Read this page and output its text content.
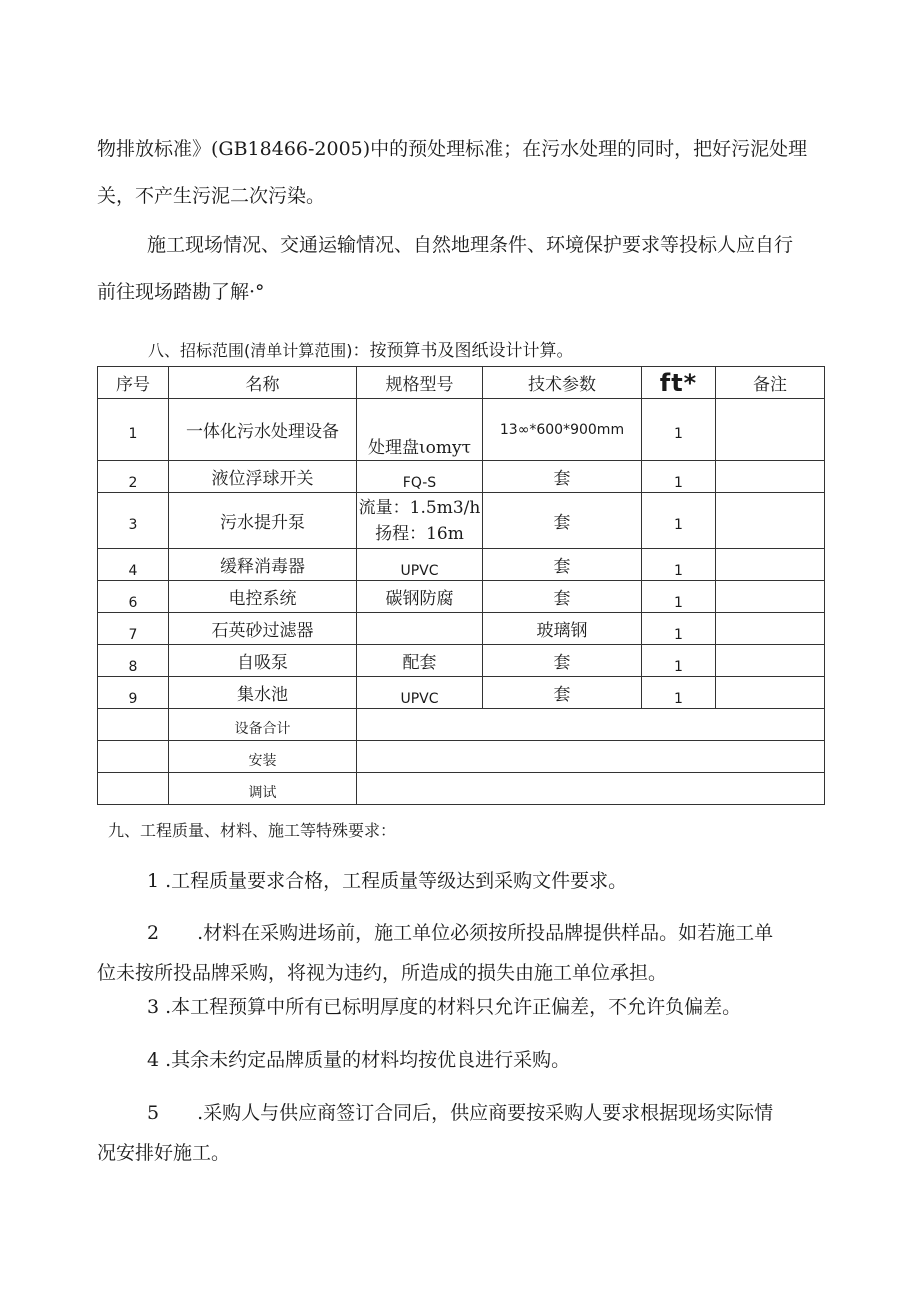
物排放标准》(GB18466-2005)中的预处理标准；在污水处理的同时，把好污泥处理
关，不产生污泥二次污染。
施工现场情况、交通运输情况、自然地理条件、环境保护要求等投标人应自行
前往现场踏勘了解·°
八、招标范围(清单计算范围)：按预算书及图纸设计计算。
序号	名称	规格型号	技术参数	ft*	备注
1	一体化污水处理设备	处理盘ιomyτ	13∞*600*900mm	1	
$_2$	液位浮球开关	$_{FQ-S}$	套	$_1$	
3	污水提升泵	流量：1.5m3∕h
扬程：16m	套	1	
$_4$	缓释消毒器	$_{UPVC}$	套	$_1$	
$_6$	电控系统	碳钢防腐	套	$_1$	
$_7$	石英砂过滤器		玻璃钢	$_1$	
$_8$	自吸泵	配套	套	$_1$	
$_9$	集水池	$_{UPVC}$	套	$_1$	
	设备合计				
	安装				
	调试				
九、工程质量、材料、施工等特殊要求：

1 .工程质量要求合格，工程质量等级达到采购文件要求。

2 .材料在采购进场前，施工单位必须按所投品牌提供样品。如若施工单
位未按所投品牌采购，将视为违约，所造成的损失由施工单位承担。

3 .本工程预算中所有已标明厚度的材料只允许正偏差，不允许负偏差。

4 .其余未约定品牌质量的材料均按优良进行采购。

5 .采购人与供应商签订合同后，供应商要按采购人要求根据现场实际情
况安排好施工。
